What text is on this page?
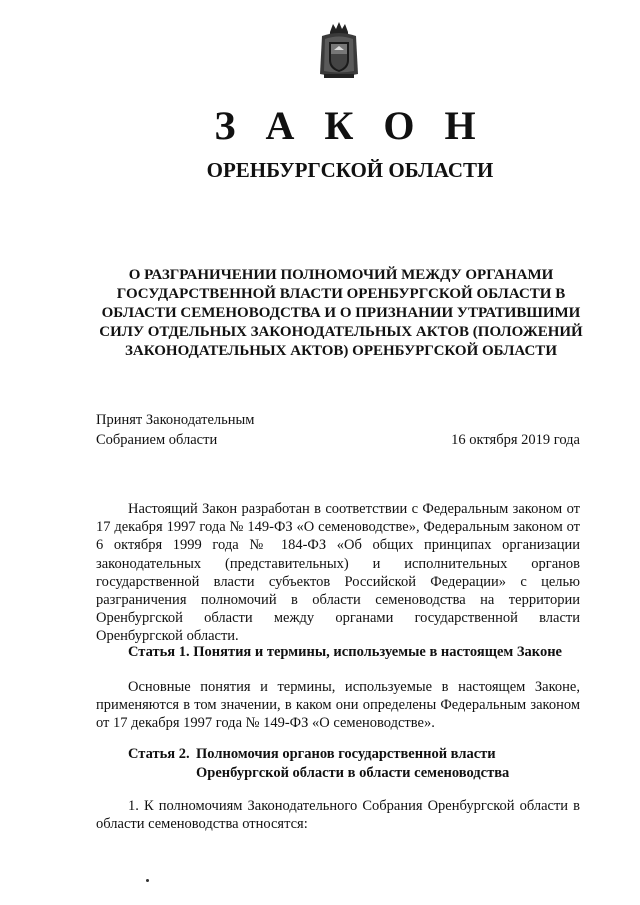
З А К О Н
ОРЕНБУРГСКОЙ ОБЛАСТИ
О РАЗГРАНИЧЕНИИ ПОЛНОМОЧИЙ МЕЖДУ ОРГАНАМИ ГОСУДАРСТВЕННОЙ ВЛАСТИ ОРЕНБУРГСКОЙ ОБЛАСТИ В ОБЛАСТИ СЕМЕНОВОДСТВА И О ПРИЗНАНИИ УТРАТИВШИМИ СИЛУ ОТДЕЛЬНЫХ ЗАКОНОДАТЕЛЬНЫХ АКТОВ (ПОЛОЖЕНИЙ ЗАКОНОДАТЕЛЬНЫХ АКТОВ) ОРЕНБУРГСКОЙ ОБЛАСТИ
Принят Законодательным
Собранием области	16 октября 2019 года

Настоящий Закон разработан в соответствии с Федеральным законом от 17 декабря 1997 года № 149-ФЗ «О семеноводстве», Федеральным законом от 6 октября 1999 года № 184-ФЗ «Об общих принципах организации законодательных (представительных) и исполнительных органов государственной власти субъектов Российской Федерации» с целью разграничения полномочий в области семеноводства на территории Оренбургской области между органами государственной власти Оренбургской области.

Статья 1. Понятия и термины, используемые в настоящем Законе

Основные понятия и термины, используемые в настоящем Законе, применяются в том значении, в каком они определены Федеральным законом от 17 декабря 1997 года № 149-ФЗ «О семеноводстве».

Статья 2. Полномочия органов государственной власти Оренбургской области в области семеноводства

1. К полномочиям Законодательного Собрания Оренбургской области в области семеноводства относятся:
